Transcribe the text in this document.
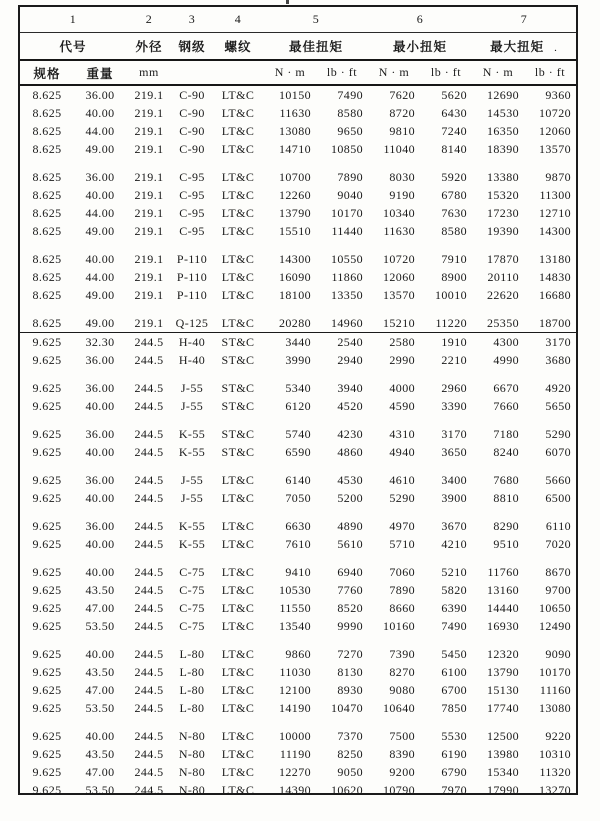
1		2	3	4	5		6		7	
代号		外径	钢级	螺纹	最佳扭矩		最小扭矩		最大扭矩 .	
规格	重量	mm			N · m	lb · ft	N · m	lb · ft	N · m	lb · ft
8.625	36.00	219.1	C-90	LT&C	10150	7490	7620	5620	12690	9360
8.625	40.00	219.1	C-90	LT&C	11630	8580	8720	6430	14530	10720
8.625	44.00	219.1	C-90	LT&C	13080	9650	9810	7240	16350	12060
8.625	49.00	219.1	C-90	LT&C	14710	10850	11040	8140	18390	13570

8.625	36.00	219.1	C-95	LT&C	10700	7890	8030	5920	13380	9870
8.625	40.00	219.1	C-95	LT&C	12260	9040	9190	6780	15320	11300
8.625	44.00	219.1	C-95	LT&C	13790	10170	10340	7630	17230	12710
8.625	49.00	219.1	C-95	LT&C	15510	11440	11630	8580	19390	14300

8.625	40.00	219.1	P-110	LT&C	14300	10550	10720	7910	17870	13180
8.625	44.00	219.1	P-110	LT&C	16090	11860	12060	8900	20110	14830
8.625	49.00	219.1	P-110	LT&C	18100	13350	13570	10010	22620	16680

8.625	49.00	219.1	Q-125	LT&C	20280	14960	15210	11220	25350	18700
9.625	32.30	244.5	H-40	ST&C	3440	2540	2580	1910	4300	3170
9.625	36.00	244.5	H-40	ST&C	3990	2940	2990	2210	4990	3680

9.625	36.00	244.5	J-55	ST&C	5340	3940	4000	2960	6670	4920
9.625	40.00	244.5	J-55	ST&C	6120	4520	4590	3390	7660	5650

9.625	36.00	244.5	K-55	ST&C	5740	4230	4310	3170	7180	5290
9.625	40.00	244.5	K-55	ST&C	6590	4860	4940	3650	8240	6070

9.625	36.00	244.5	J-55	LT&C	6140	4530	4610	3400	7680	5660
9.625	40.00	244.5	J-55	LT&C	7050	5200	5290	3900	8810	6500

9.625	36.00	244.5	K-55	LT&C	6630	4890	4970	3670	8290	6110
9.625	40.00	244.5	K-55	LT&C	7610	5610	5710	4210	9510	7020

9.625	40.00	244.5	C-75	LT&C	9410	6940	7060	5210	11760	8670
9.625	43.50	244.5	C-75	LT&C	10530	7760	7890	5820	13160	9700
9.625	47.00	244.5	C-75	LT&C	11550	8520	8660	6390	14440	10650
9.625	53.50	244.5	C-75	LT&C	13540	9990	10160	7490	16930	12490

9.625	40.00	244.5	L-80	LT&C	9860	7270	7390	5450	12320	9090
9.625	43.50	244.5	L-80	LT&C	11030	8130	8270	6100	13790	10170
9.625	47.00	244.5	L-80	LT&C	12100	8930	9080	6700	15130	11160
9.625	53.50	244.5	L-80	LT&C	14190	10470	10640	7850	17740	13080

9.625	40.00	244.5	N-80	LT&C	10000	7370	7500	5530	12500	9220
9.625	43.50	244.5	N-80	LT&C	11190	8250	8390	6190	13980	10310
9.625	47.00	244.5	N-80	LT&C	12270	9050	9200	6790	15340	11320
9.625	53.50	244.5	N-80	LT&C	14390	10620	10790	7970	17990	13270
